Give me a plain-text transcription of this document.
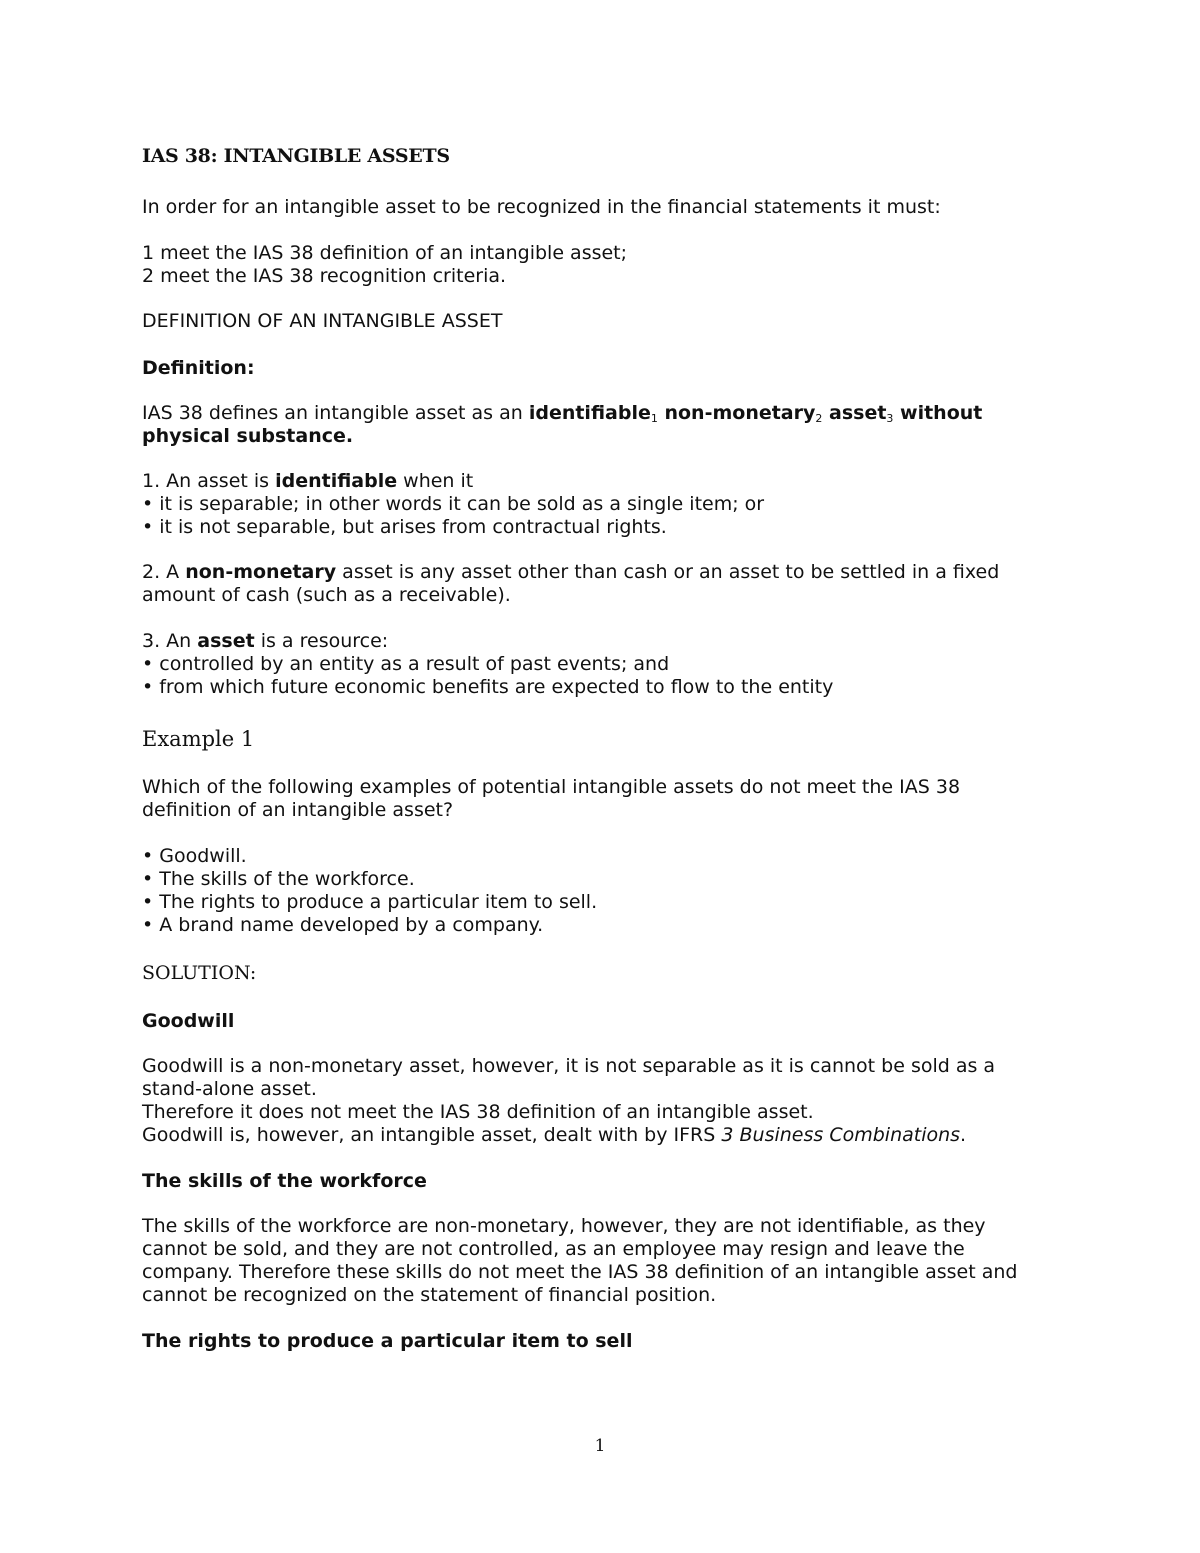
IAS 38: INTANGIBLE ASSETS
In order for an intangible asset to be recognized in the financial statements it must:
1 meet the IAS 38 definition of an intangible asset;
2 meet the IAS 38 recognition criteria.
DEFINITION OF AN INTANGIBLE ASSET
Definition:
IAS 38 defines an intangible asset as an identifiable$_1$ non-monetary$_2$ asset$_3$ without
physical substance.
1. An asset is identifiable when it
• it is separable; in other words it can be sold as a single item; or
• it is not separable, but arises from contractual rights.
2. A non-monetary asset is any asset other than cash or an asset to be settled in a fixed
amount of cash (such as a receivable).
3. An asset is a resource:
• controlled by an entity as a result of past events; and
• from which future economic benefits are expected to flow to the entity
Example 1
Which of the following examples of potential intangible assets do not meet the IAS 38
definition of an intangible asset?
• Goodwill.
• The skills of the workforce.
• The rights to produce a particular item to sell.
• A brand name developed by a company.
SOLUTION:
Goodwill
Goodwill is a non-monetary asset, however, it is not separable as it is cannot be sold as a
stand-alone asset.
Therefore it does not meet the IAS 38 definition of an intangible asset.
Goodwill is, however, an intangible asset, dealt with by IFRS 3 Business Combinations.
The skills of the workforce
The skills of the workforce are non-monetary, however, they are not identifiable, as they
cannot be sold, and they are not controlled, as an employee may resign and leave the
company. Therefore these skills do not meet the IAS 38 definition of an intangible asset and
cannot be recognized on the statement of financial position.
The rights to produce a particular item to sell
1
